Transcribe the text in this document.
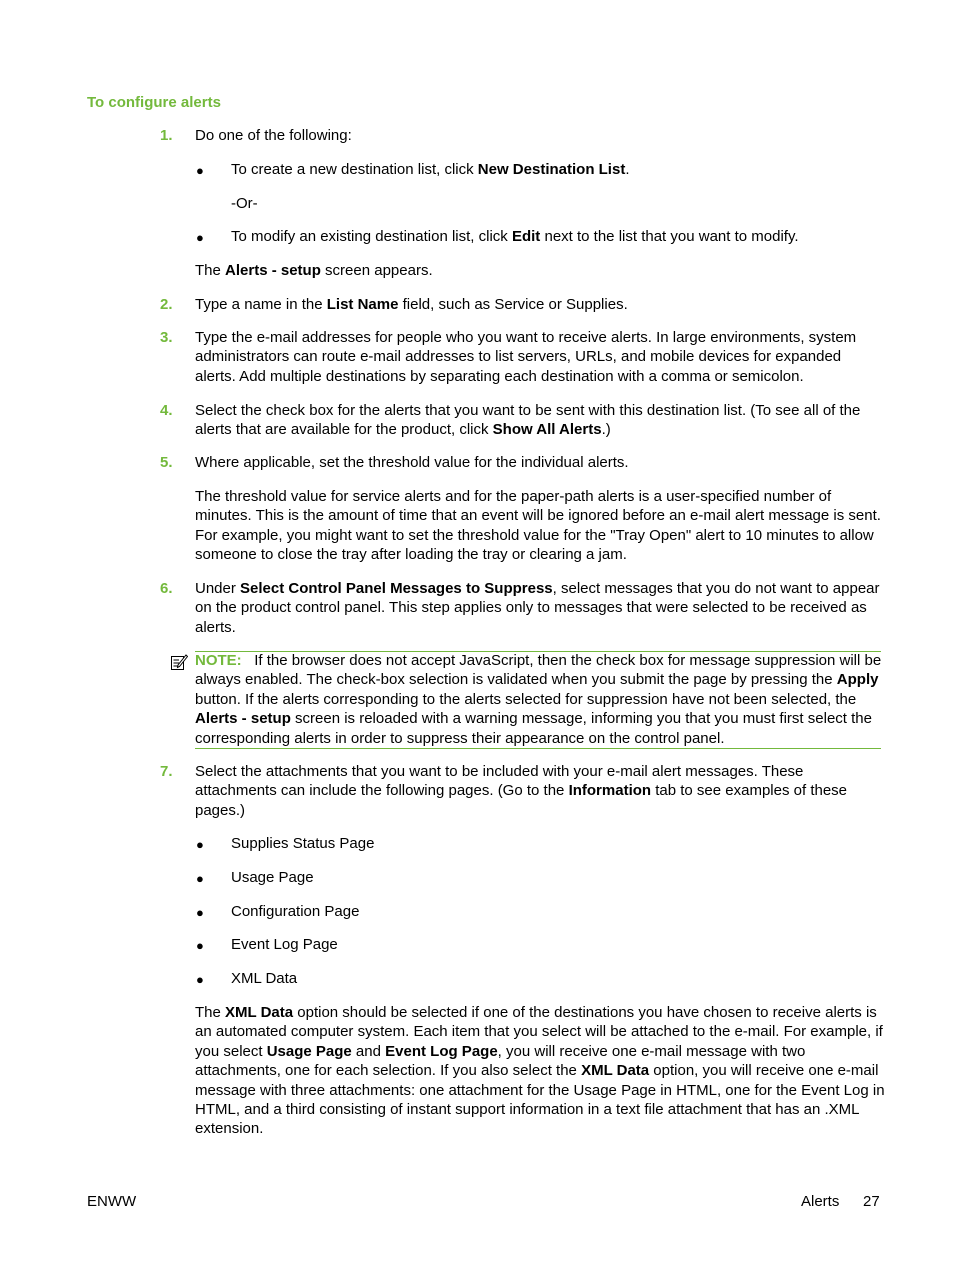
To configure alerts
1. Do one of the following:
● To create a new destination list, click New Destination List.
-Or-
● To modify an existing destination list, click Edit next to the list that you want to modify.
The Alerts - setup screen appears.
2. Type a name in the List Name field, such as Service or Supplies.
3. Type the e-mail addresses for people who you want to receive alerts. In large environments, system administrators can route e-mail addresses to list servers, URLs, and mobile devices for expanded alerts. Add multiple destinations by separating each destination with a comma or semicolon.
4. Select the check box for the alerts that you want to be sent with this destination list. (To see all of the alerts that are available for the product, click Show All Alerts.)
5. Where applicable, set the threshold value for the individual alerts.
The threshold value for service alerts and for the paper-path alerts is a user-specified number of minutes. This is the amount of time that an event will be ignored before an e-mail alert message is sent. For example, you might want to set the threshold value for the "Tray Open" alert to 10 minutes to allow someone to close the tray after loading the tray or clearing a jam.
6. Under Select Control Panel Messages to Suppress, select messages that you do not want to appear on the product control panel. This step applies only to messages that were selected to be received as alerts.
NOTE: If the browser does not accept JavaScript, then the check box for message suppression will be always enabled. The check-box selection is validated when you submit the page by pressing the Apply button. If the alerts corresponding to the alerts selected for suppression have not been selected, the Alerts - setup screen is reloaded with a warning message, informing you that you must first select the corresponding alerts in order to suppress their appearance on the control panel.
7. Select the attachments that you want to be included with your e-mail alert messages. These attachments can include the following pages. (Go to the Information tab to see examples of these pages.)
● Supplies Status Page
● Usage Page
● Configuration Page
● Event Log Page
● XML Data
The XML Data option should be selected if one of the destinations you have chosen to receive alerts is an automated computer system. Each item that you select will be attached to the e-mail. For example, if you select Usage Page and Event Log Page, you will receive one e-mail message with two attachments, one for each selection. If you also select the XML Data option, you will receive one e-mail message with three attachments: one attachment for the Usage Page in HTML, one for the Event Log in HTML, and a third consisting of instant support information in a text file attachment that has an .XML extension.
ENWW	Alerts 27
